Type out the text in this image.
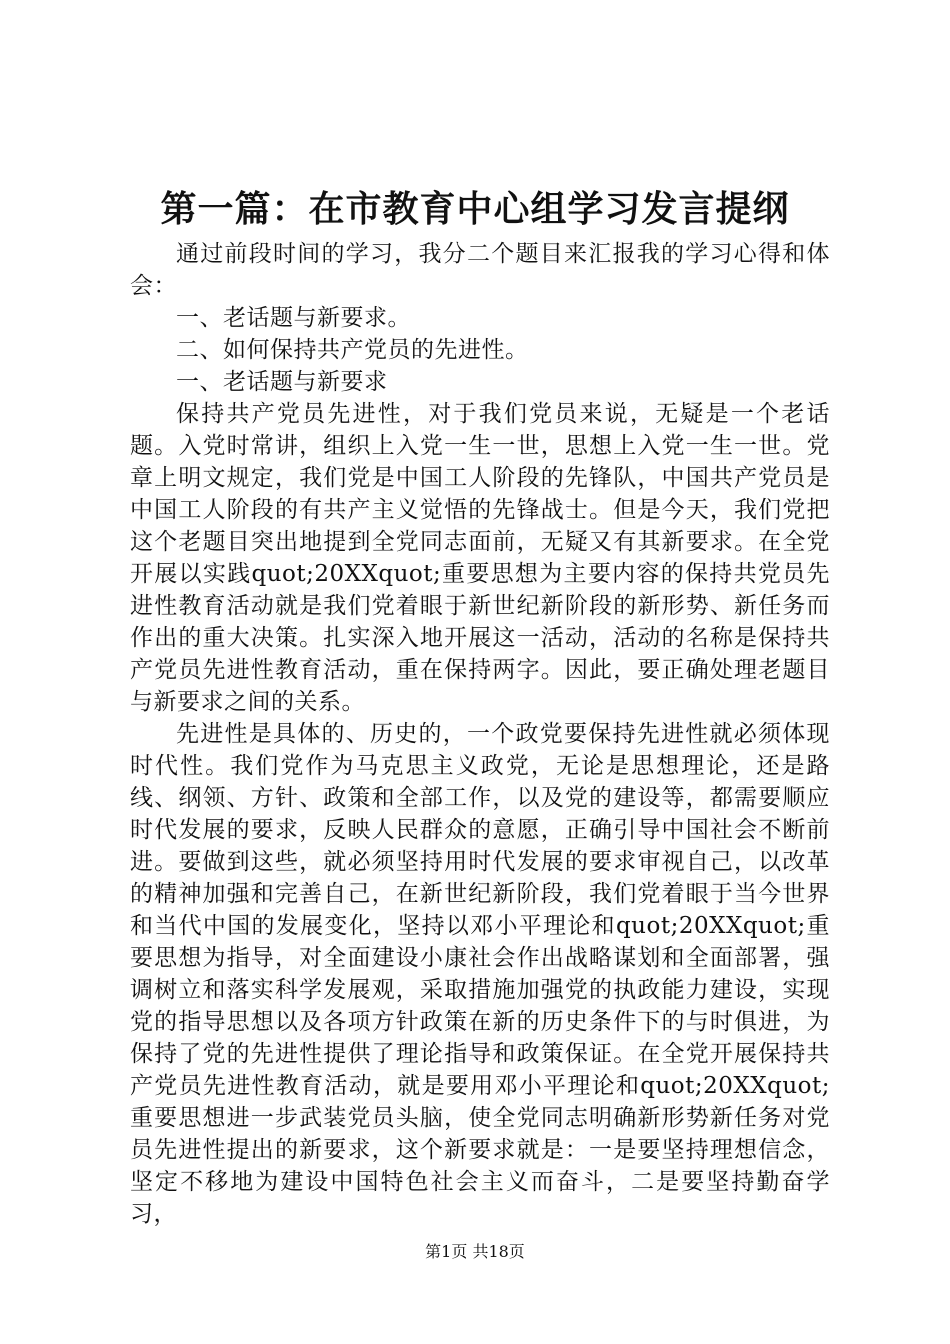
第一篇：在市教育中心组学习发言提纲

通过前段时间的学习，我分二个题目来汇报我的学习心得和体会：

一、老话题与新要求。

二、如何保持共产党员的先进性。

一、老话题与新要求

保持共产党员先进性，对于我们党员来说，无疑是一个老话题。入党时常讲，组织上入党一生一世，思想上入党一生一世。党章上明文规定，我们党是中国工人阶段的先锋队，中国共产党员是中国工人阶段的有共产主义觉悟的先锋战士。但是今天，我们党把这个老题目突出地提到全党同志面前，无疑又有其新要求。在全党开展以实践quot;20XXquot;重要思想为主要内容的保持共党员先进性教育活动就是我们党着眼于新世纪新阶段的新形势、新任务而作出的重大决策。扎实深入地开展这一活动，活动的名称是保持共产党员先进性教育活动，重在保持两字。因此，要正确处理老题目与新要求之间的关系。

先进性是具体的、历史的，一个政党要保持先进性就必须体现时代性。我们党作为马克思主义政党，无论是思想理论，还是路线、纲领、方针、政策和全部工作，以及党的建设等，都需要顺应时代发展的要求，反映人民群众的意愿，正确引导中国社会不断前进。要做到这些，就必须坚持用时代发展的要求审视自己，以改革的精神加强和完善自己，在新世纪新阶段，我们党着眼于当今世界和当代中国的发展变化，坚持以邓小平理论和quot;20XXquot;重要思想为指导，对全面建设小康社会作出战略谋划和全面部署，强调树立和落实科学发展观，采取措施加强党的执政能力建设，实现党的指导思想以及各项方针政策在新的历史条件下的与时俱进，为保持了党的先进性提供了理论指导和政策保证。在全党开展保持共产党员先进性教育活动，就是要用邓小平理论和quot;20XXquot;重要思想进一步武装党员头脑，使全党同志明确新形势新任务对党员先进性提出的新要求，这个新要求就是：一是要坚持理想信念，坚定不移地为建设中国特色社会主义而奋斗，二是要坚持勤奋学习，

第1页 共18页
